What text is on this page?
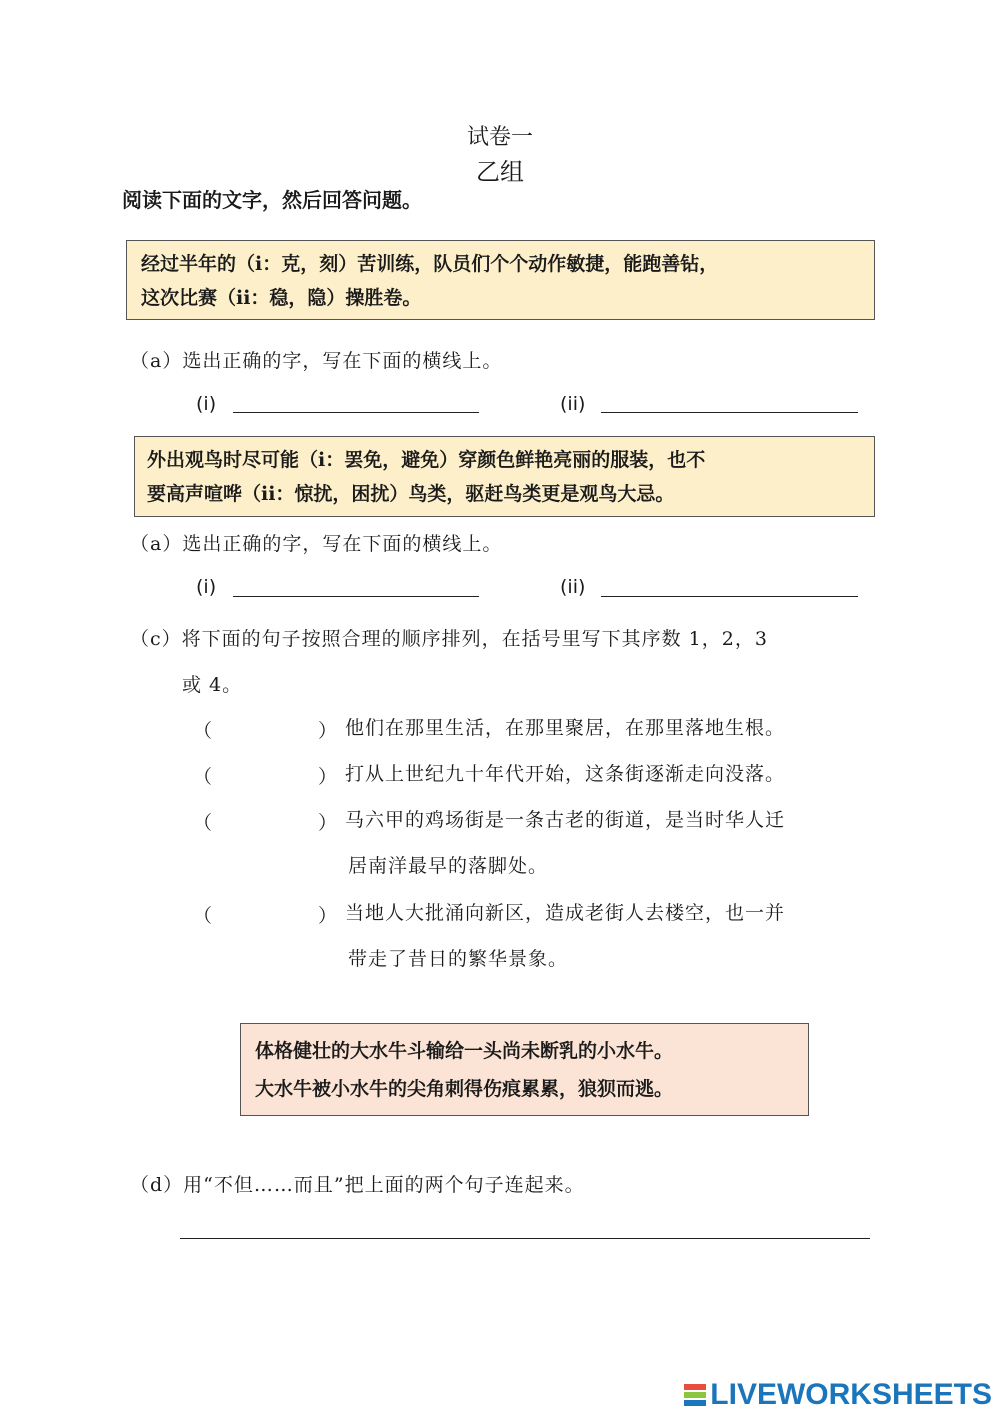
试卷一
乙组
阅读下面的文字，然后回答问题。
经过半年的（i：克，刻）苦训练，队员们个个动作敏捷，能跑善钻，
这次比赛（ii：稳，隐）操胜卷。
（a）选出正确的字，写在下面的横线上。
(i)	(ii)
外出观鸟时尽可能（i：罢免，避免）穿颜色鲜艳亮丽的服装，也不
要高声喧哗（ii：惊扰，困扰）鸟类，驱赶鸟类更是观鸟大忌。
（a）选出正确的字，写在下面的横线上。
(i)	(ii)
（c）将下面的句子按照合理的顺序排列，在括号里写下其序数 1，2，3
或 4。
（	） 他们在那里生活，在那里聚居，在那里落地生根。
（	） 打从上世纪九十年代开始，这条街逐渐走向没落。
（	） 马六甲的鸡场街是一条古老的街道，是当时华人迁
居南洋最早的落脚处。
（	） 当地人大批涌向新区，造成老街人去楼空，也一并
带走了昔日的繁华景象。
体格健壮的大水牛斗输给一头尚未断乳的小水牛。
大水牛被小水牛的尖角刺得伤痕累累，狼狈而逃。
（d）用“不但……而且”把上面的两个句子连起来。
LIVEWORKSHEETS
